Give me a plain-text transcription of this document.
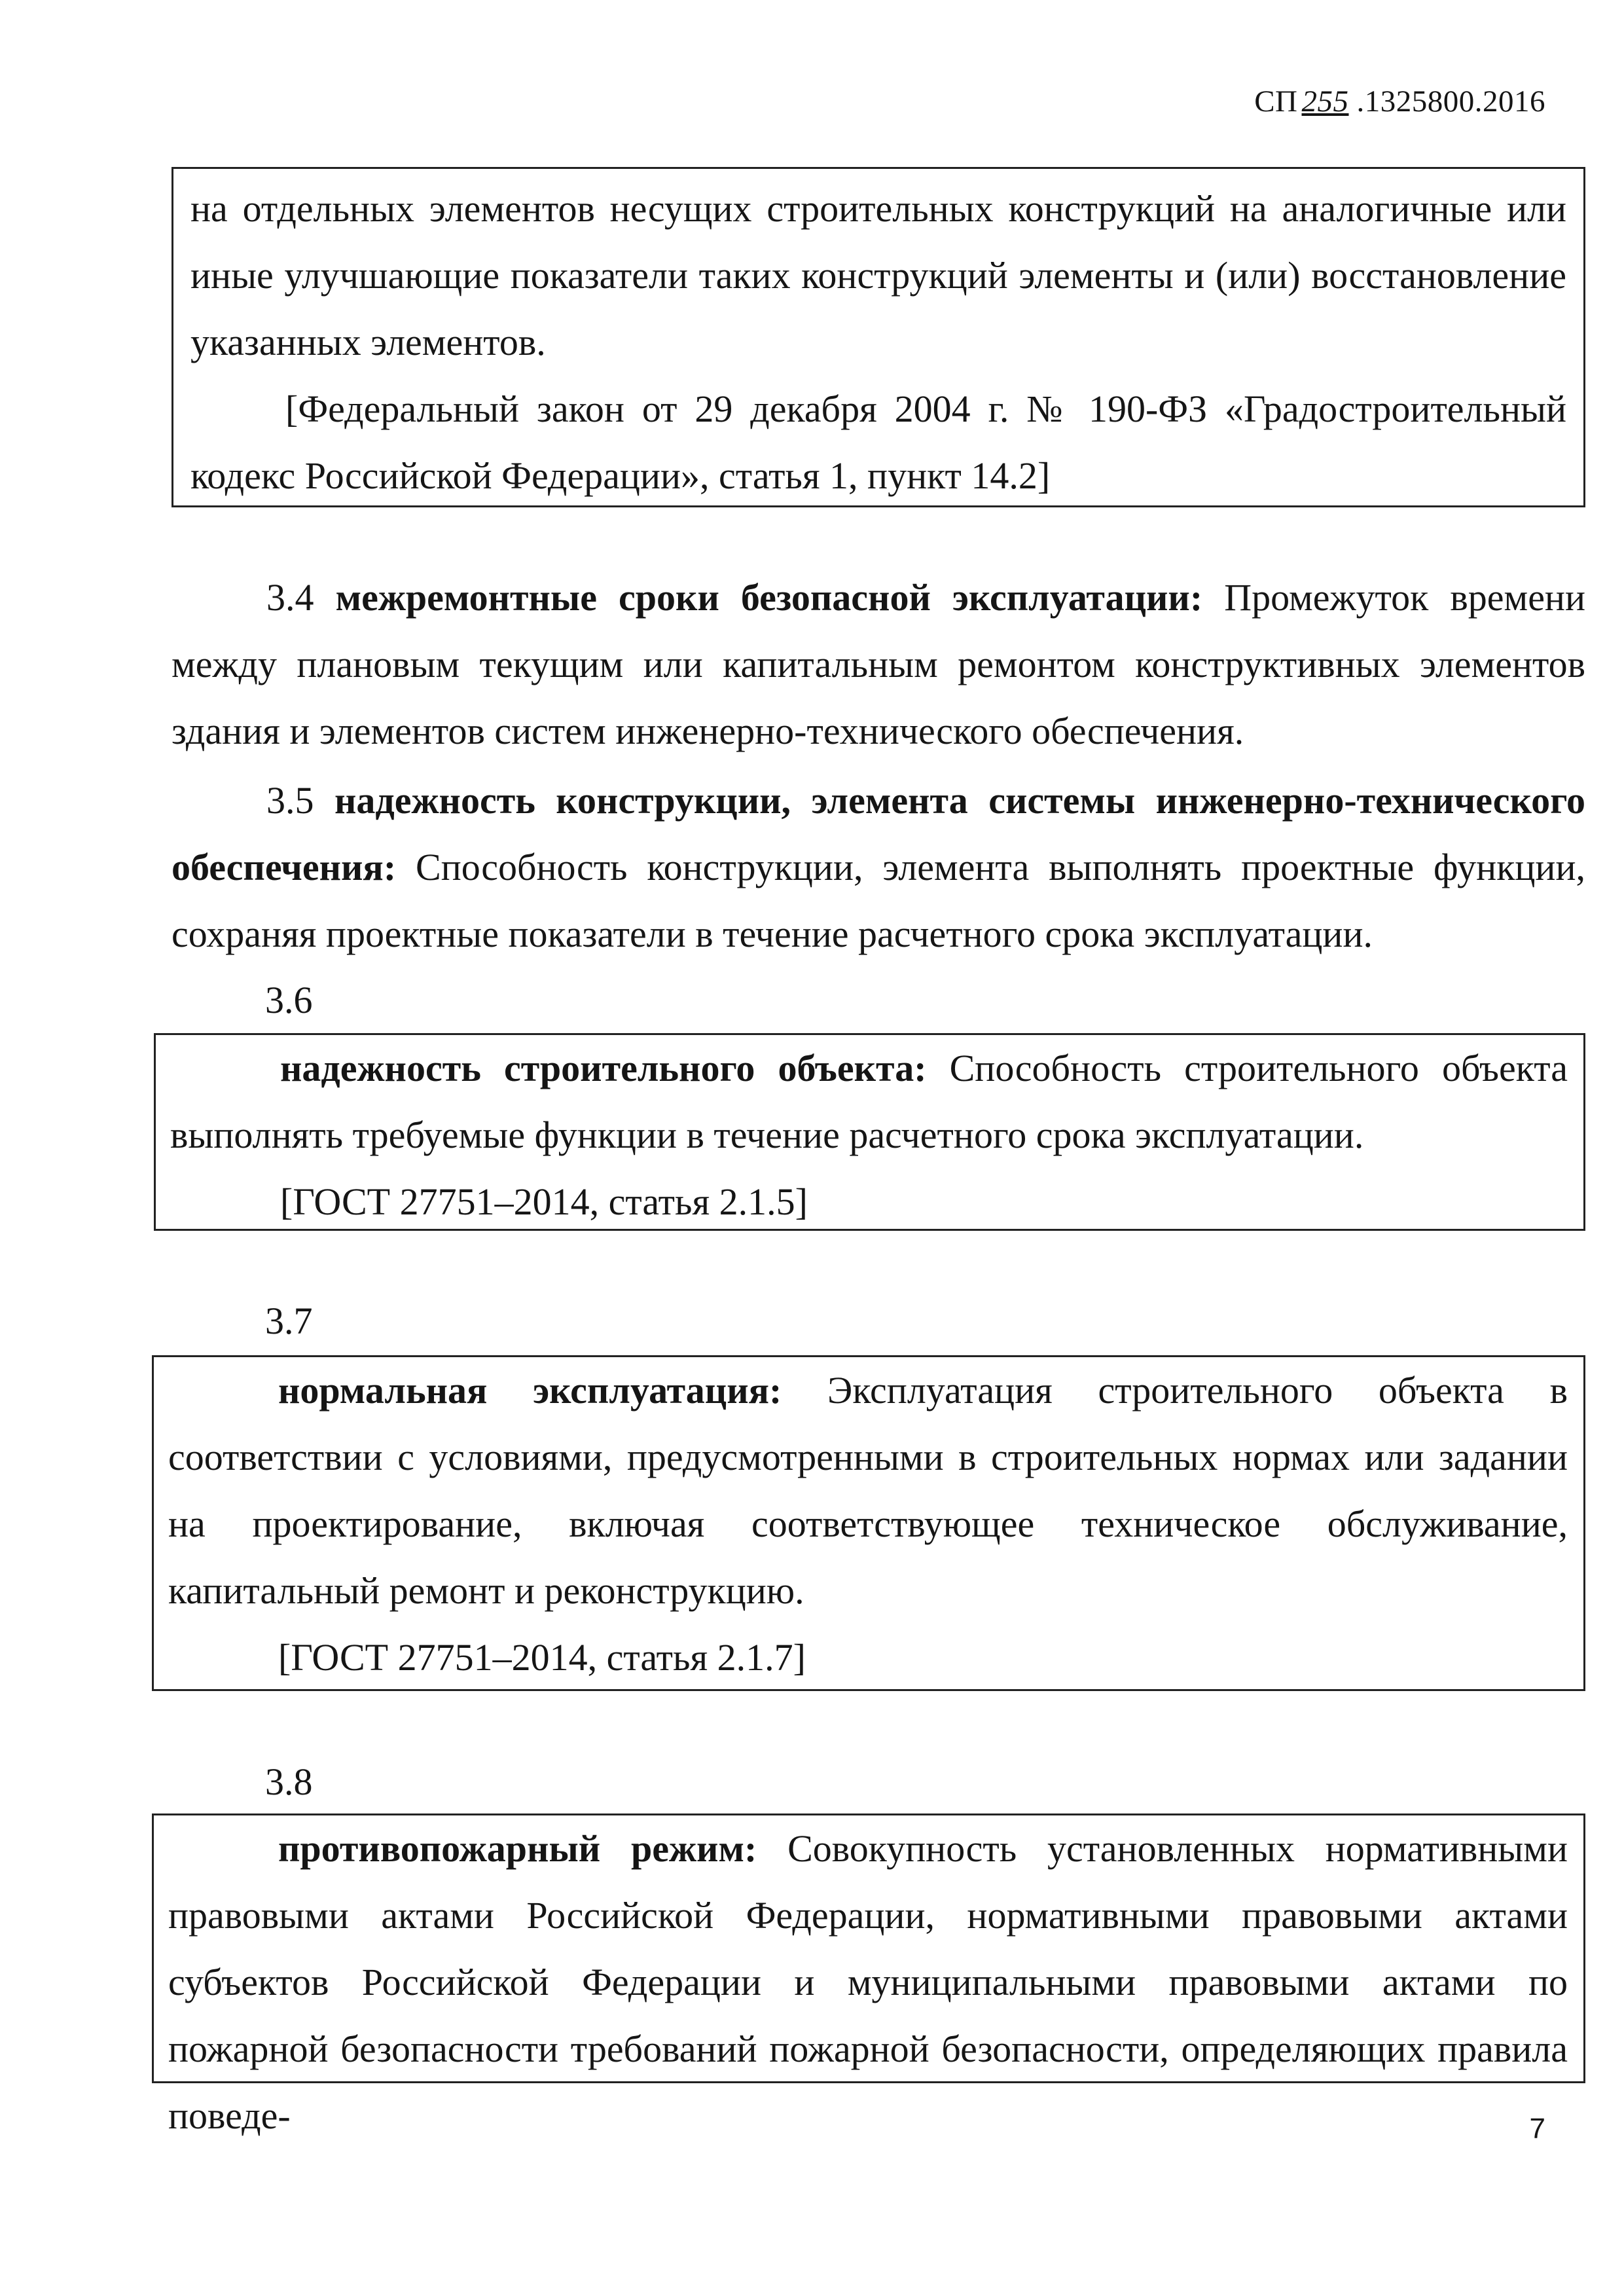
СП 255 .1325800.2016

на отдельных элементов несущих строительных конструкций на аналогичные или иные улучшающие показатели таких конструкций элементы и (или) восстановление указанных элементов.

[Федеральный закон от 29 декабря 2004 г. № 190-ФЗ «Градостроительный кодекс Российской Федерации», статья 1, пункт 14.2]

3.4 межремонтные сроки безопасной эксплуатации: Промежуток времени между плановым текущим или капитальным ремонтом конструктивных элементов здания и элементов систем инженерно-технического обеспечения.

3.5 надежность конструкции, элемента системы инженерно-технического обеспечения: Способность конструкции, элемента выполнять проектные функции, сохраняя проектные показатели в течение расчетного срока эксплуатации.

3.6

надежность строительного объекта: Способность строительного объекта выполнять требуемые функции в течение расчетного срока эксплуатации.

[ГОСТ 27751–2014, статья 2.1.5]

3.7

нормальная эксплуатация: Эксплуатация строительного объекта в соответствии с условиями, предусмотренными в строительных нормах или задании на проектирование, включая соответствующее техническое обслуживание, капитальный ремонт и реконструкцию.

[ГОСТ 27751–2014, статья 2.1.7]

3.8

противопожарный режим: Совокупность установленных нормативными правовыми актами Российской Федерации, нормативными правовыми актами субъектов Российской Федерации и муниципальными правовыми актами по пожарной безопасности требований пожарной безопасности, определяющих правила поведе-	7
